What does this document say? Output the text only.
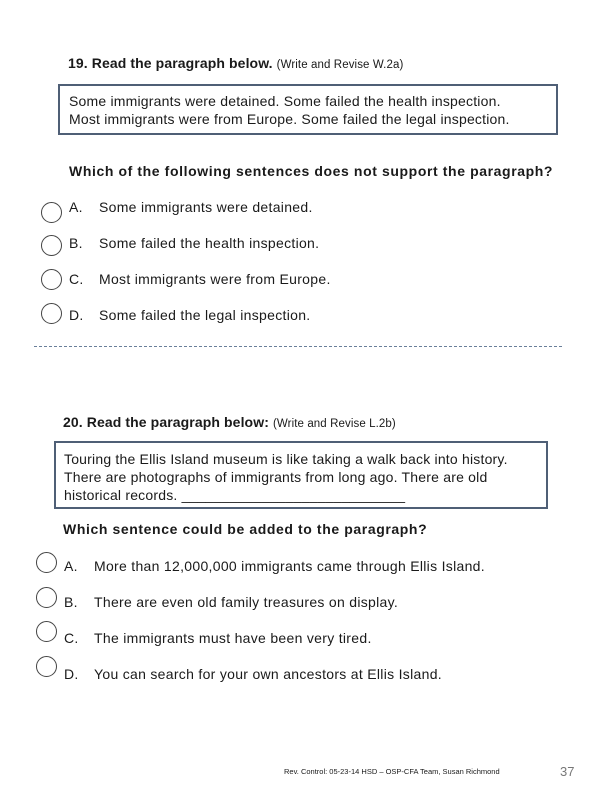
19. Read the paragraph below. (Write and Revise W.2a)
Some immigrants were detained. Some failed the health inspection.
Most immigrants were from Europe. Some failed the legal inspection.
Which of the following sentences does not support the paragraph?
A. Some immigrants were detained.
B. Some failed the health inspection.
C. Most immigrants were from Europe.
D. Some failed the legal inspection.
20. Read the paragraph below: (Write and Revise L.2b)
Touring the Ellis Island museum is like taking a walk back into history.
There are photographs of immigrants from long ago. There are old
historical records. ____________________________
Which sentence could be added to the paragraph?
A. More than 12,000,000 immigrants came through Ellis Island.
B. There are even old family treasures on display.
C. The immigrants must have been very tired.
D. You can search for your own ancestors at Ellis Island.
Rev. Control: 05-23-14 HSD – OSP-CFA Team, Susan Richmond	37
